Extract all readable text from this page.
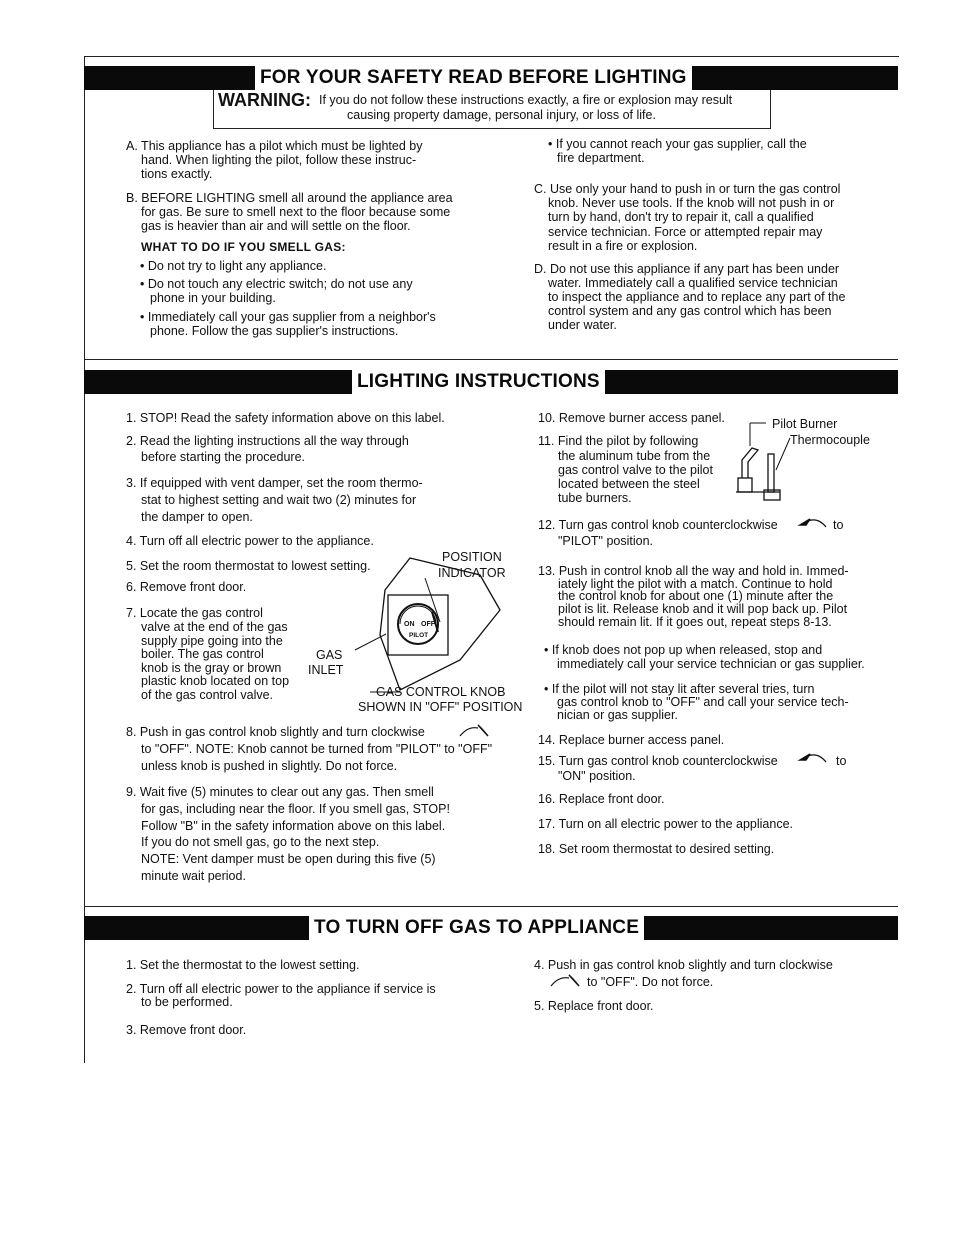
FOR YOUR SAFETY READ BEFORE LIGHTING
WARNING: If you do not follow these instructions exactly, a fire or explosion may result
causing property damage, personal injury, or loss of life.
A. This appliance has a pilot which must be lighted by
hand. When lighting the pilot, follow these instruc-
tions exactly.
B. BEFORE LIGHTING smell all around the appliance area
for gas. Be sure to smell next to the floor because some
gas is heavier than air and will settle on the floor.
WHAT TO DO IF YOU SMELL GAS:
• Do not try to light any appliance.
• Do not touch any electric switch; do not use any
phone in your building.
• Immediately call your gas supplier from a neighbor's
phone. Follow the gas supplier's instructions.
• If you cannot reach your gas supplier, call the
fire department.
C. Use only your hand to push in or turn the gas control
knob. Never use tools. If the knob will not push in or
turn by hand, don't try to repair it, call a qualified
service technician. Force or attempted repair may
result in a fire or explosion.
D. Do not use this appliance if any part has been under
water. Immediately call a qualified service technician
to inspect the appliance and to replace any part of the
control system and any gas control which has been
under water.
LIGHTING INSTRUCTIONS
1. STOP! Read the safety information above on this label.
2. Read the lighting instructions all the way through
before starting the procedure.
3. If equipped with vent damper, set the room thermo-
stat to highest setting and wait two (2) minutes for
the damper to open.
4. Turn off all electric power to the appliance.
5. Set the room thermostat to lowest setting.
6. Remove front door.
7. Locate the gas control
valve at the end of the gas
supply pipe going into the
boiler. The gas control
knob is the gray or brown
plastic knob located on top
of the gas control valve.
ON OFF
PILOT
POSITION
INDICATOR
GAS
INLET
GAS CONTROL KNOB
SHOWN IN "OFF" POSITION
8. Push in gas control knob slightly and turn clockwise
to "OFF". NOTE: Knob cannot be turned from "PILOT" to "OFF"
unless knob is pushed in slightly. Do not force.
9. Wait five (5) minutes to clear out any gas. Then smell
for gas, including near the floor. If you smell gas, STOP!
Follow "B" in the safety information above on this label.
If you do not smell gas, go to the next step.
NOTE: Vent damper must be open during this five (5)
minute wait period.
10. Remove burner access panel.
11. Find the pilot by following
the aluminum tube from the
gas control valve to the pilot
located between the steel
tube burners.
Pilot Burner
Thermocouple
12. Turn gas control knob counterclockwise	to
"PILOT" position.
13. Push in control knob all the way and hold in. Immed-
iately light the pilot with a match. Continue to hold
the control knob for about one (1) minute after the
pilot is lit. Release knob and it will pop back up. Pilot
should remain lit. If it goes out, repeat steps 8-13.
• If knob does not pop up when released, stop and
immediately call your service technician or gas supplier.
• If the pilot will not stay lit after several tries, turn
gas control knob to "OFF" and call your service tech-
nician or gas supplier.
14. Replace burner access panel.
15. Turn gas control knob counterclockwise	to
"ON" position.
16. Replace front door.
17. Turn on all electric power to the appliance.
18. Set room thermostat to desired setting.
TO TURN OFF GAS TO APPLIANCE
1. Set the thermostat to the lowest setting.
2. Turn off all electric power to the appliance if service is
to be performed.
3. Remove front door.
4. Push in gas control knob slightly and turn clockwise
to "OFF". Do not force.
5. Replace front door.
